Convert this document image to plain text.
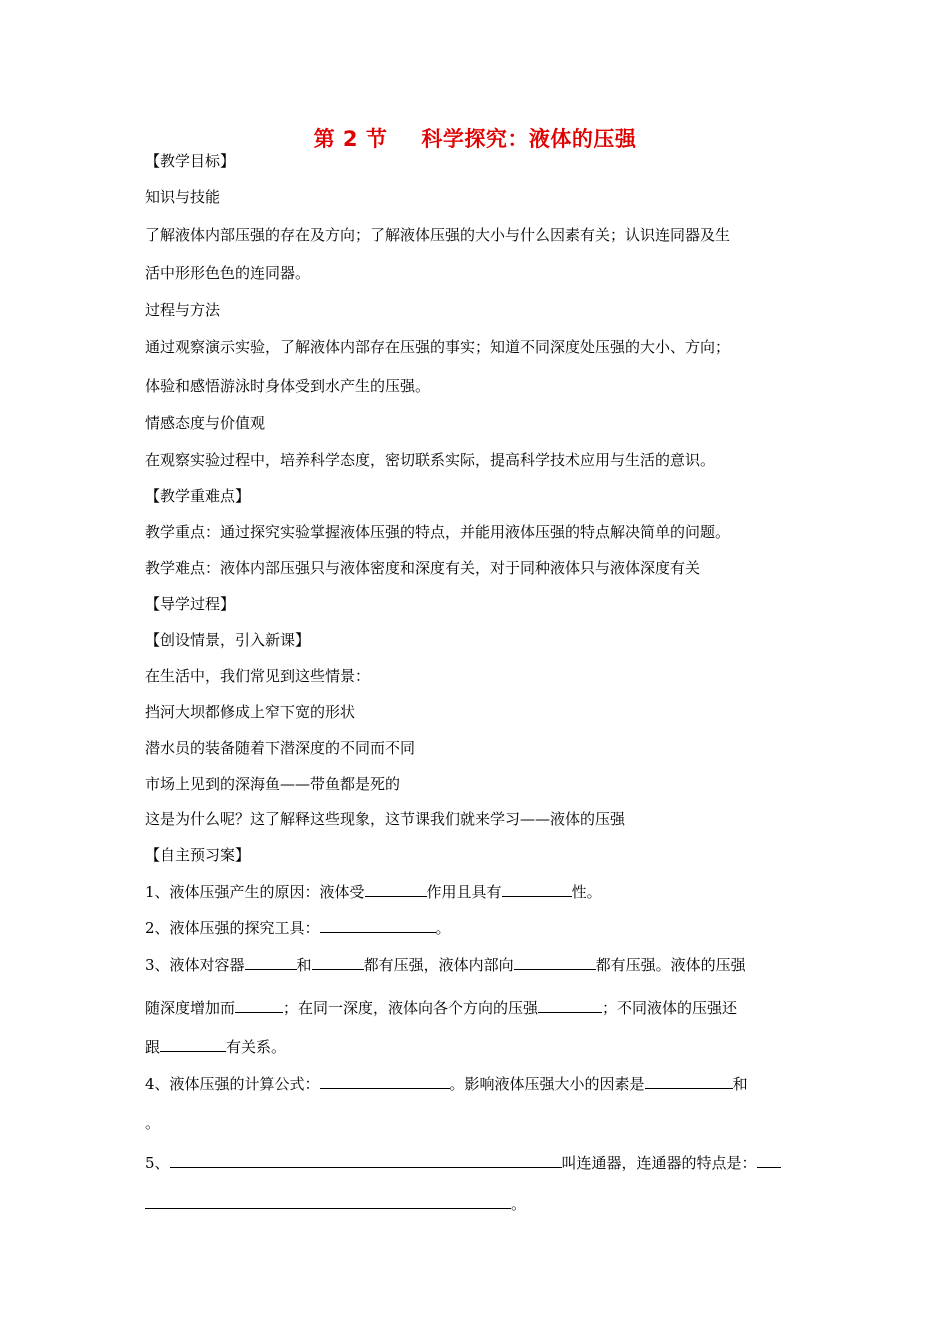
第 2 节 科学探究：液体的压强
【教学目标】
知识与技能
了解液体内部压强的存在及方向；了解液体压强的大小与什么因素有关；认识连同器及生
活中形形色色的连同器。
过程与方法
通过观察演示实验，了解液体内部存在压强的事实；知道不同深度处压强的大小、方向；
体验和感悟游泳时身体受到水产生的压强。
情感态度与价值观
在观察实验过程中，培养科学态度，密切联系实际，提高科学技术应用与生活的意识。
【教学重难点】
教学重点：通过探究实验掌握液体压强的特点，并能用液体压强的特点解决简单的问题。
教学难点：液体内部压强只与液体密度和深度有关，对于同种液体只与液体深度有关
【导学过程】
【创设情景，引入新课】
在生活中，我们常见到这些情景：
挡河大坝都修成上窄下宽的形状
潜水员的装备随着下潜深度的不同而不同
市场上见到的深海鱼——带鱼都是死的
这是为什么呢？这了解释这些现象，这节课我们就来学习——液体的压强
【自主预习案】
1、液体压强产生的原因：液体受	作用且具有	性。
2、液体压强的探究工具：	。
3、液体对容器	和	都有压强，液体内部向	都有压强。液体的压强
随深度增加而	；在同一深度，液体向各个方向的压强	；不同液体的压强还
跟	有关系。
4、液体压强的计算公式：	。影响液体压强大小的因素是	和
。
5、	叫连通器，连通器的特点是：
。
